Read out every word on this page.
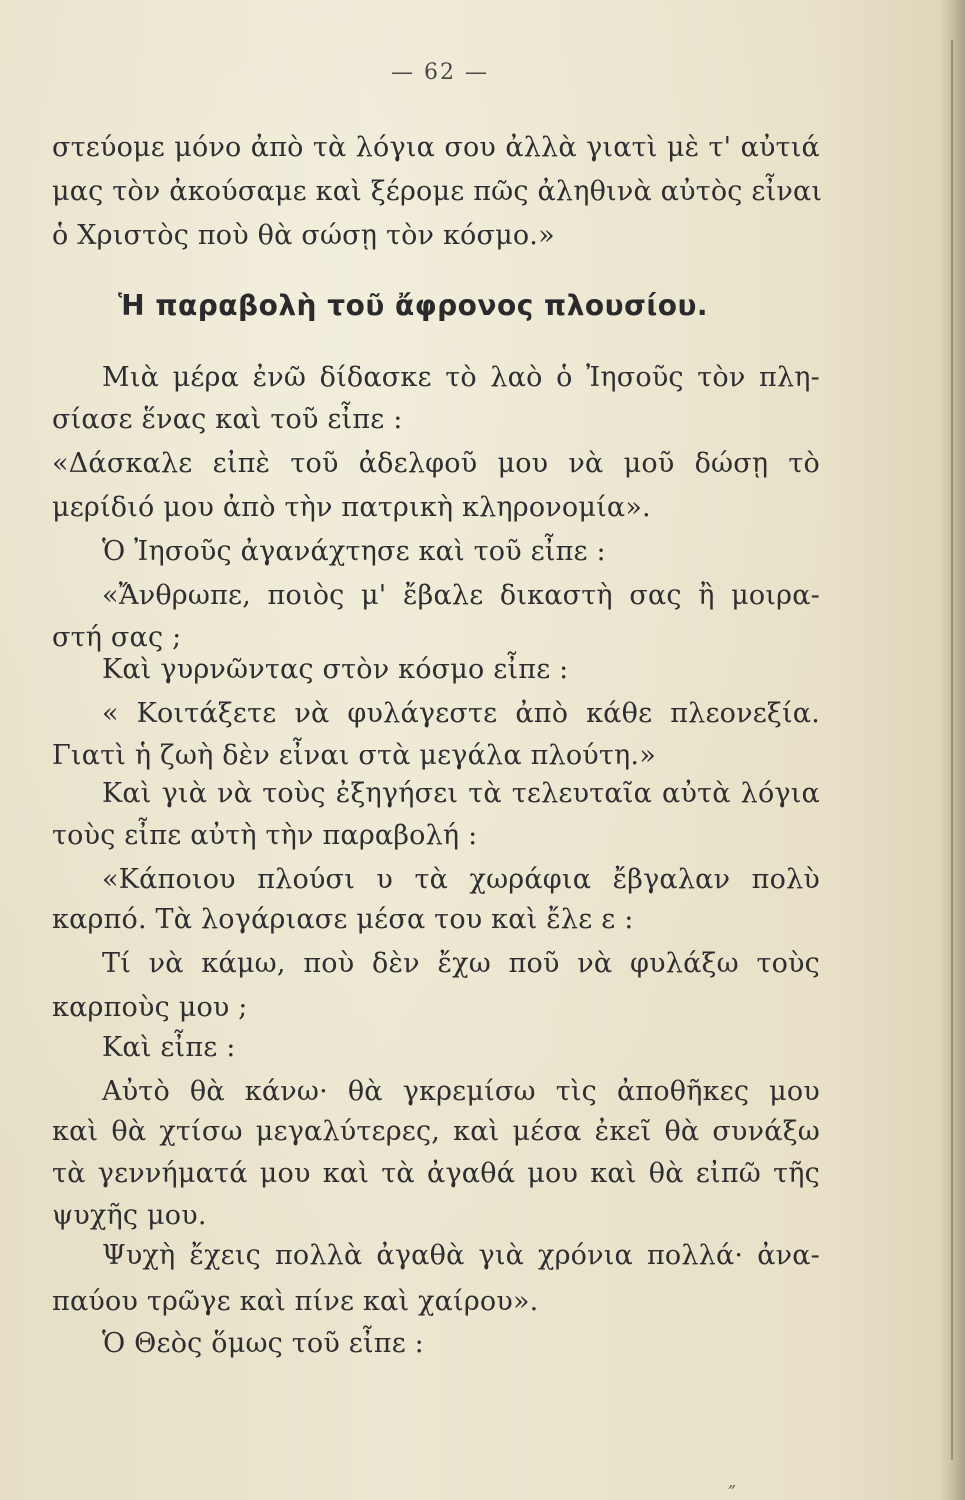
— 62 —
στεύομε μόνο ἀπὸ τὰ λόγια σου ἀλλὰ γιατὶ μὲ τ' αὐτιά
μας τὸν ἀκούσαμε καὶ ξέρομε πῶς ἀληθινὰ αὐτὸς εἶναι
ὁ Χριστὸς ποὺ θὰ σώσῃ τὸν κόσμο.»
Ἡ παραβολὴ τοῦ ἄφρονος πλουσίου.
Μιὰ μέρα ἐνῶ δίδασκε τὸ λαὸ ὁ Ἰησοῦς τὸν πλη-
σίασε ἕνας καὶ τοῦ εἶπε :
«Δάσκαλε εἰπὲ τοῦ ἀδελφοῦ μου νὰ μοῦ δώσῃ τὸ
μερίδιό μου ἀπὸ τὴν πατρικὴ κληρονομία».
Ὁ Ἰησοῦς ἀγανάχτησε καὶ τοῦ εἶπε :
«Ἄνθρωπε, ποιὸς μ' ἔβαλε δικαστὴ σας ἢ μοιρα-
στή σας ;
Καὶ γυρνῶντας στὸν κόσμο εἶπε :
« Κοιτάξετε νὰ φυλάγεστε ἀπὸ κάθε πλεονεξία.
Γιατὶ ἡ ζωὴ δὲν εἶναι στὰ μεγάλα πλούτη.»
Καὶ γιὰ νὰ τοὺς ἐξηγήσει τὰ τελευταῖα αὐτὰ λόγια
τοὺς εἶπε αὐτὴ τὴν παραβολή :
«Κάποιου πλούσι υ τὰ χωράφια ἔβγαλαν πολὺ
καρπό. Τὰ λογάριασε μέσα του καὶ ἔλε ε :
Τί νὰ κάμω, ποὺ δὲν ἔχω ποῦ νὰ φυλάξω τοὺς
καρποὺς μου ;
Καὶ εἶπε :
Αὐτὸ θὰ κάνω· θὰ γκρεμίσω τὶς ἀποθῆκες μου
καὶ θὰ χτίσω μεγαλύτερες, καὶ μέσα ἐκεῖ θὰ συνάξω
τὰ γεννήματά μου καὶ τὰ ἀγαθά μου καὶ θὰ εἰπῶ τῆς
ψυχῆς μου.
Ψυχὴ ἔχεις πολλὰ ἀγαθὰ γιὰ χρόνια πολλά· ἀνα-
παύου τρῶγε καὶ πίνε καὶ χαίρου».
Ὁ Θεὸς ὅμως τοῦ εἶπε :
„
